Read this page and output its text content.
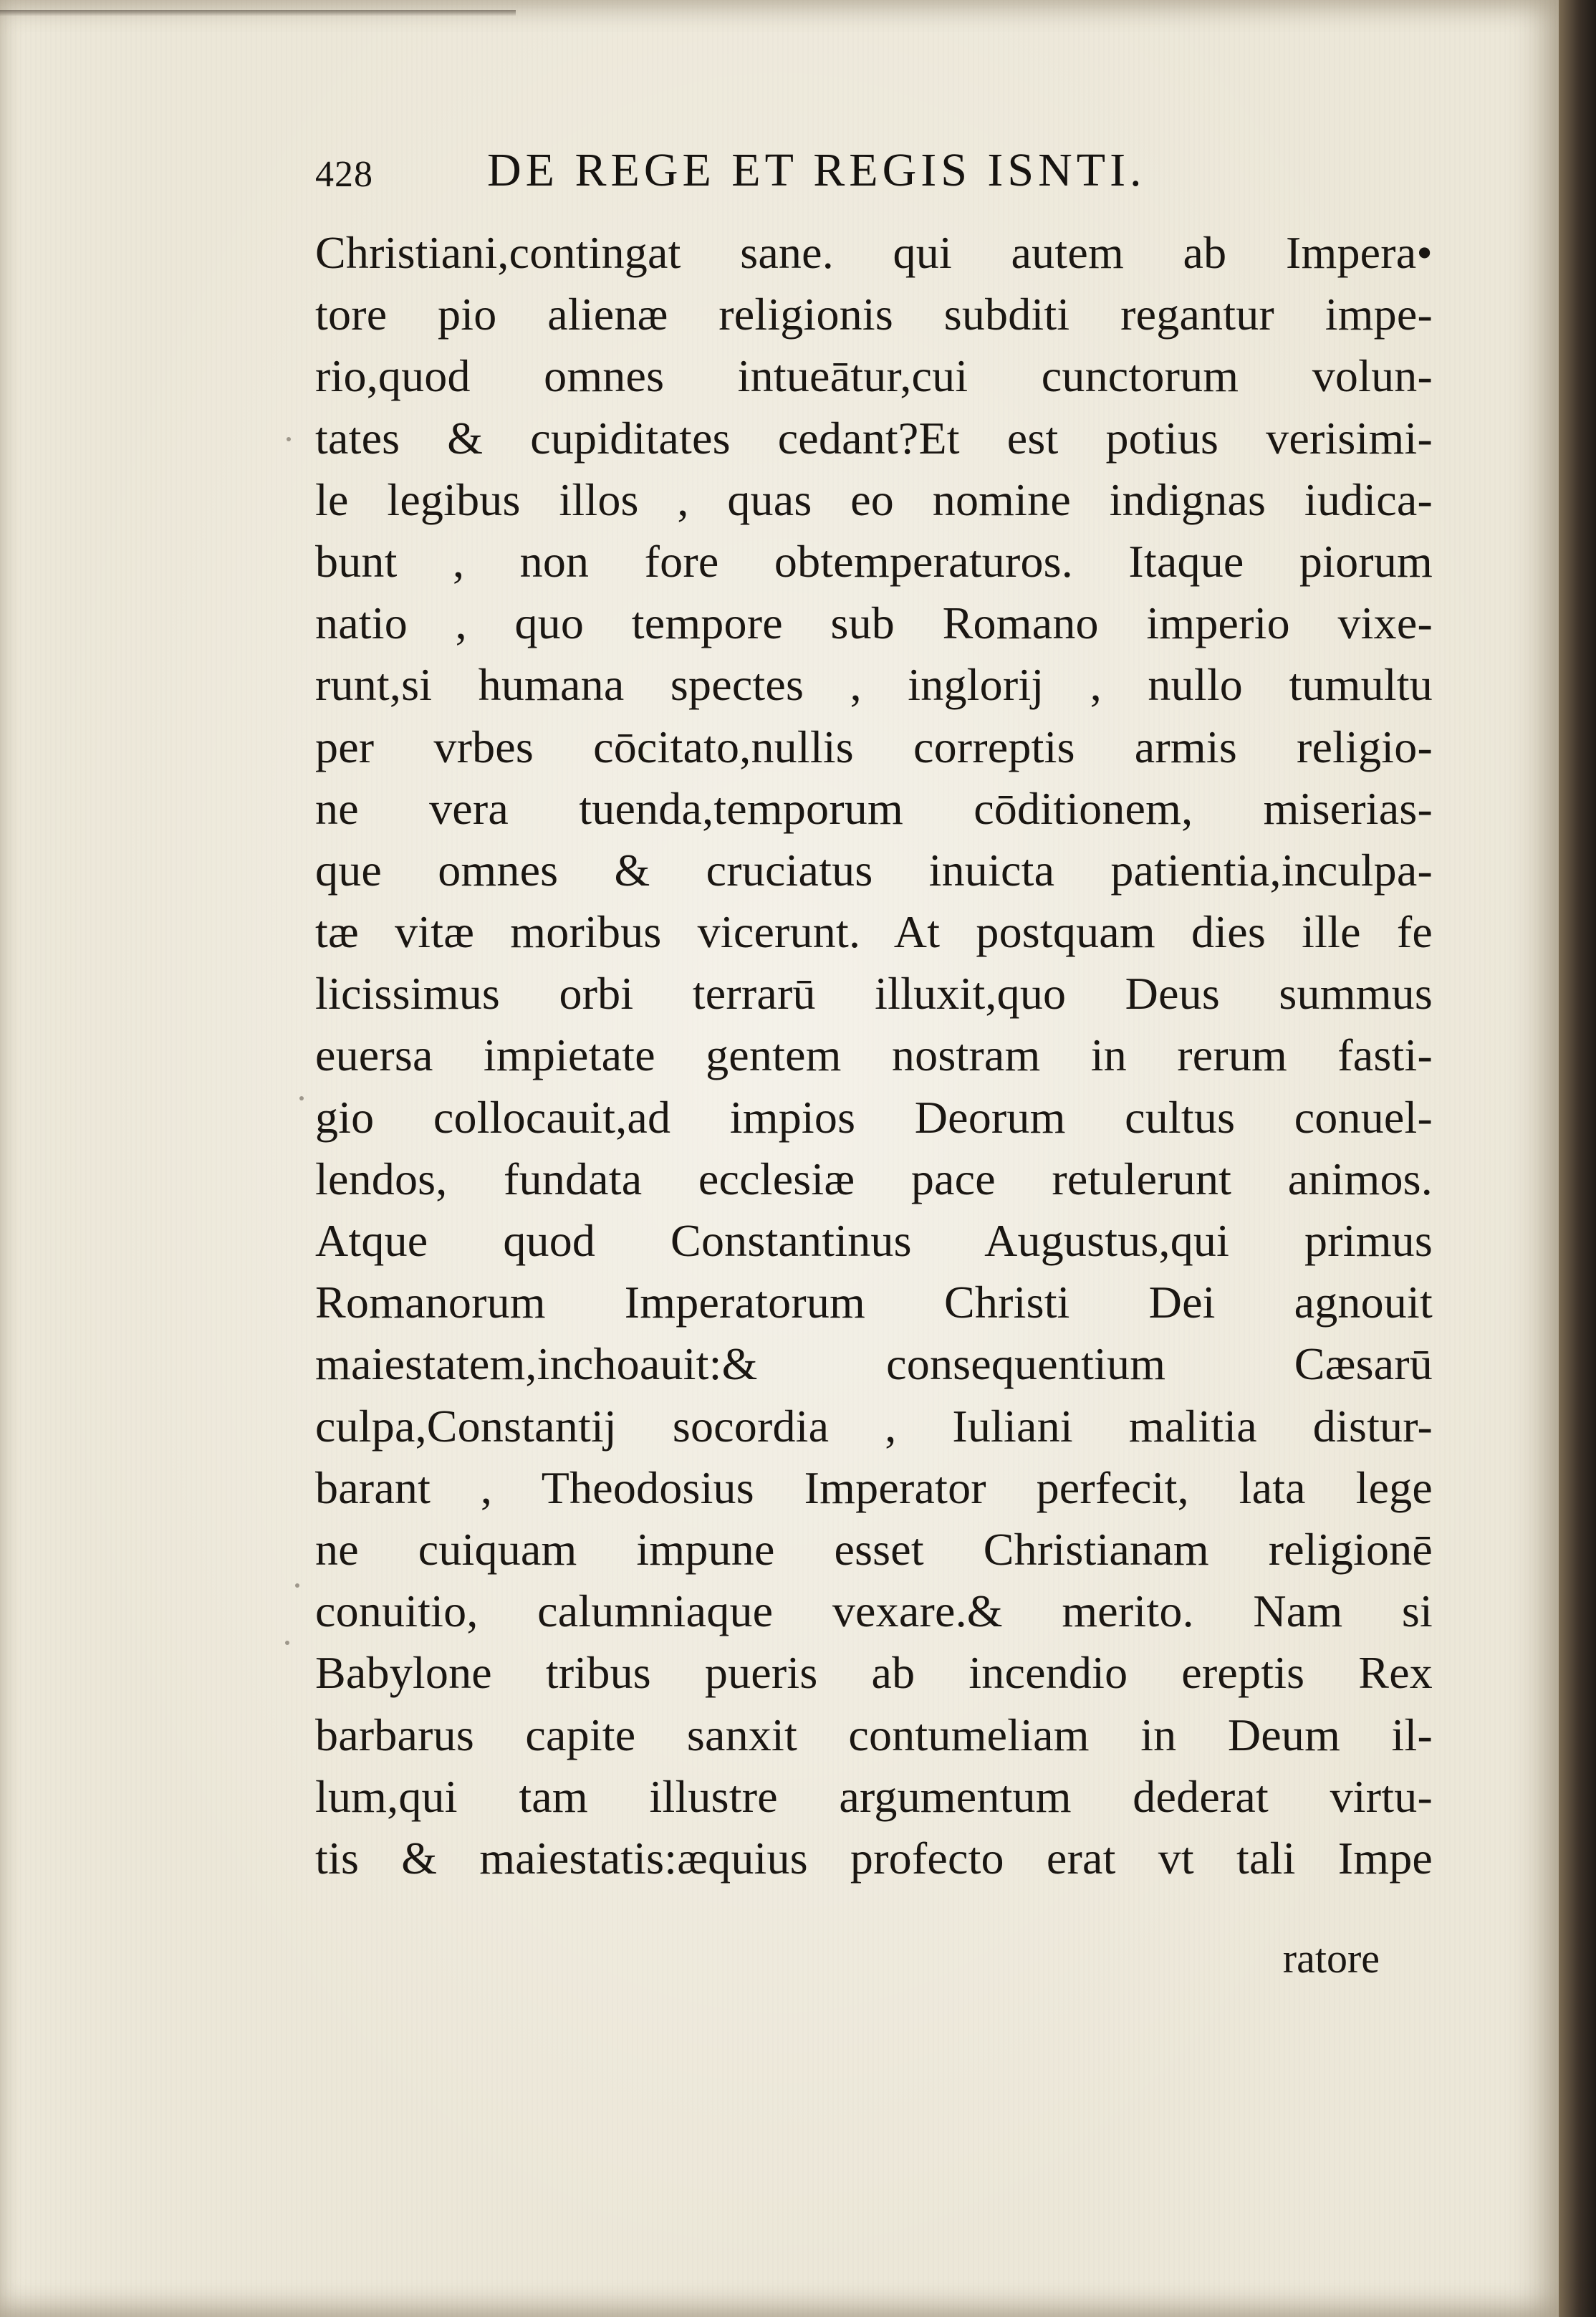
428 DE REGE ET REGIS ISNTI.
Christiani,contingat sane. qui autem ab Impera•
tore pio alienæ religionis subditi regantur impe-
rio,quod omnes intueātur,cui cunctorum volun-
tates & cupiditates cedant?Et est potius verisimi-
le legibus illos , quas eo nomine indignas iudica-
bunt , non fore obtemperaturos. Itaque piorum
natio , quo tempore sub Romano imperio vixe-
runt,si humana spectes , inglorij , nullo tumultu
per vrbes cōcitato,nullis correptis armis religio-
ne vera tuenda,temporum cōditionem, miserias-
que omnes & cruciatus inuicta patientia,inculpa-
tæ vitæ moribus vicerunt. At postquam dies ille fe
licissimus orbi terrarū illuxit,quo Deus summus
euersa impietate gentem nostram in rerum fasti-
gio collocauit,ad impios Deorum cultus conuel-
lendos, fundata ecclesiæ pace retulerunt animos.
Atque quod Constantinus Augustus,qui primus
Romanorum Imperatorum Christi Dei agnouit
maiestatem,inchoauit:& consequentium Cæsarū
culpa,Constantij socordia , Iuliani malitia distur-
barant , Theodosius Imperator perfecit, lata lege
ne cuiquam impune esset Christianam religionē
conuitio, calumniaque vexare.& merito. Nam si
Babylone tribus pueris ab incendio ereptis Rex
barbarus capite sanxit contumeliam in Deum il-
lum,qui tam illustre argumentum dederat virtu-
tis & maiestatis:æquius profecto erat vt tali Impe
ratore
